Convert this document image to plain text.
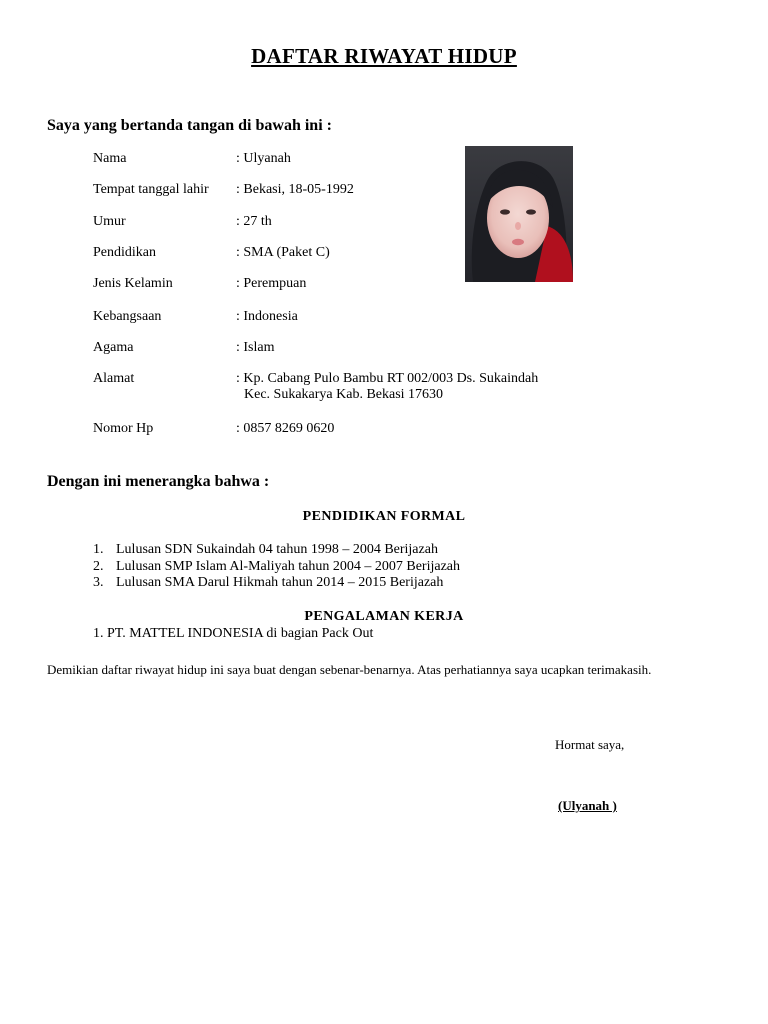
DAFTAR RIWAYAT HIDUP
Saya yang bertanda tangan di bawah ini :
Nama	: Ulyanah
Tempat tanggal lahir	: Bekasi, 18-05-1992
Umur	: 27 th
Pendidikan	: SMA (Paket C)
Jenis Kelamin	: Perempuan
Kebangsaan	: Indonesia
Agama	: Islam
Alamat	: Kp. Cabang Pulo Bambu RT 002/003 Ds. Sukaindah
Kec. Sukakarya Kab. Bekasi 17630
Nomor Hp	: 0857 8269 0620
Dengan ini menerangka bahwa :
PENDIDIKAN FORMAL
1. Lulusan SDN Sukaindah 04 tahun 1998 – 2004 Berijazah
2. Lulusan SMP Islam Al-Maliyah tahun 2004 – 2007 Berijazah
3. Lulusan SMA Darul Hikmah tahun 2014 – 2015 Berijazah
PENGALAMAN KERJA
1. PT. MATTEL INDONESIA di bagian Pack Out
Demikian daftar riwayat hidup ini saya buat dengan sebenar-benarnya. Atas perhatiannya saya ucapkan terimakasih.
Hormat saya,
(Ulyanah )
